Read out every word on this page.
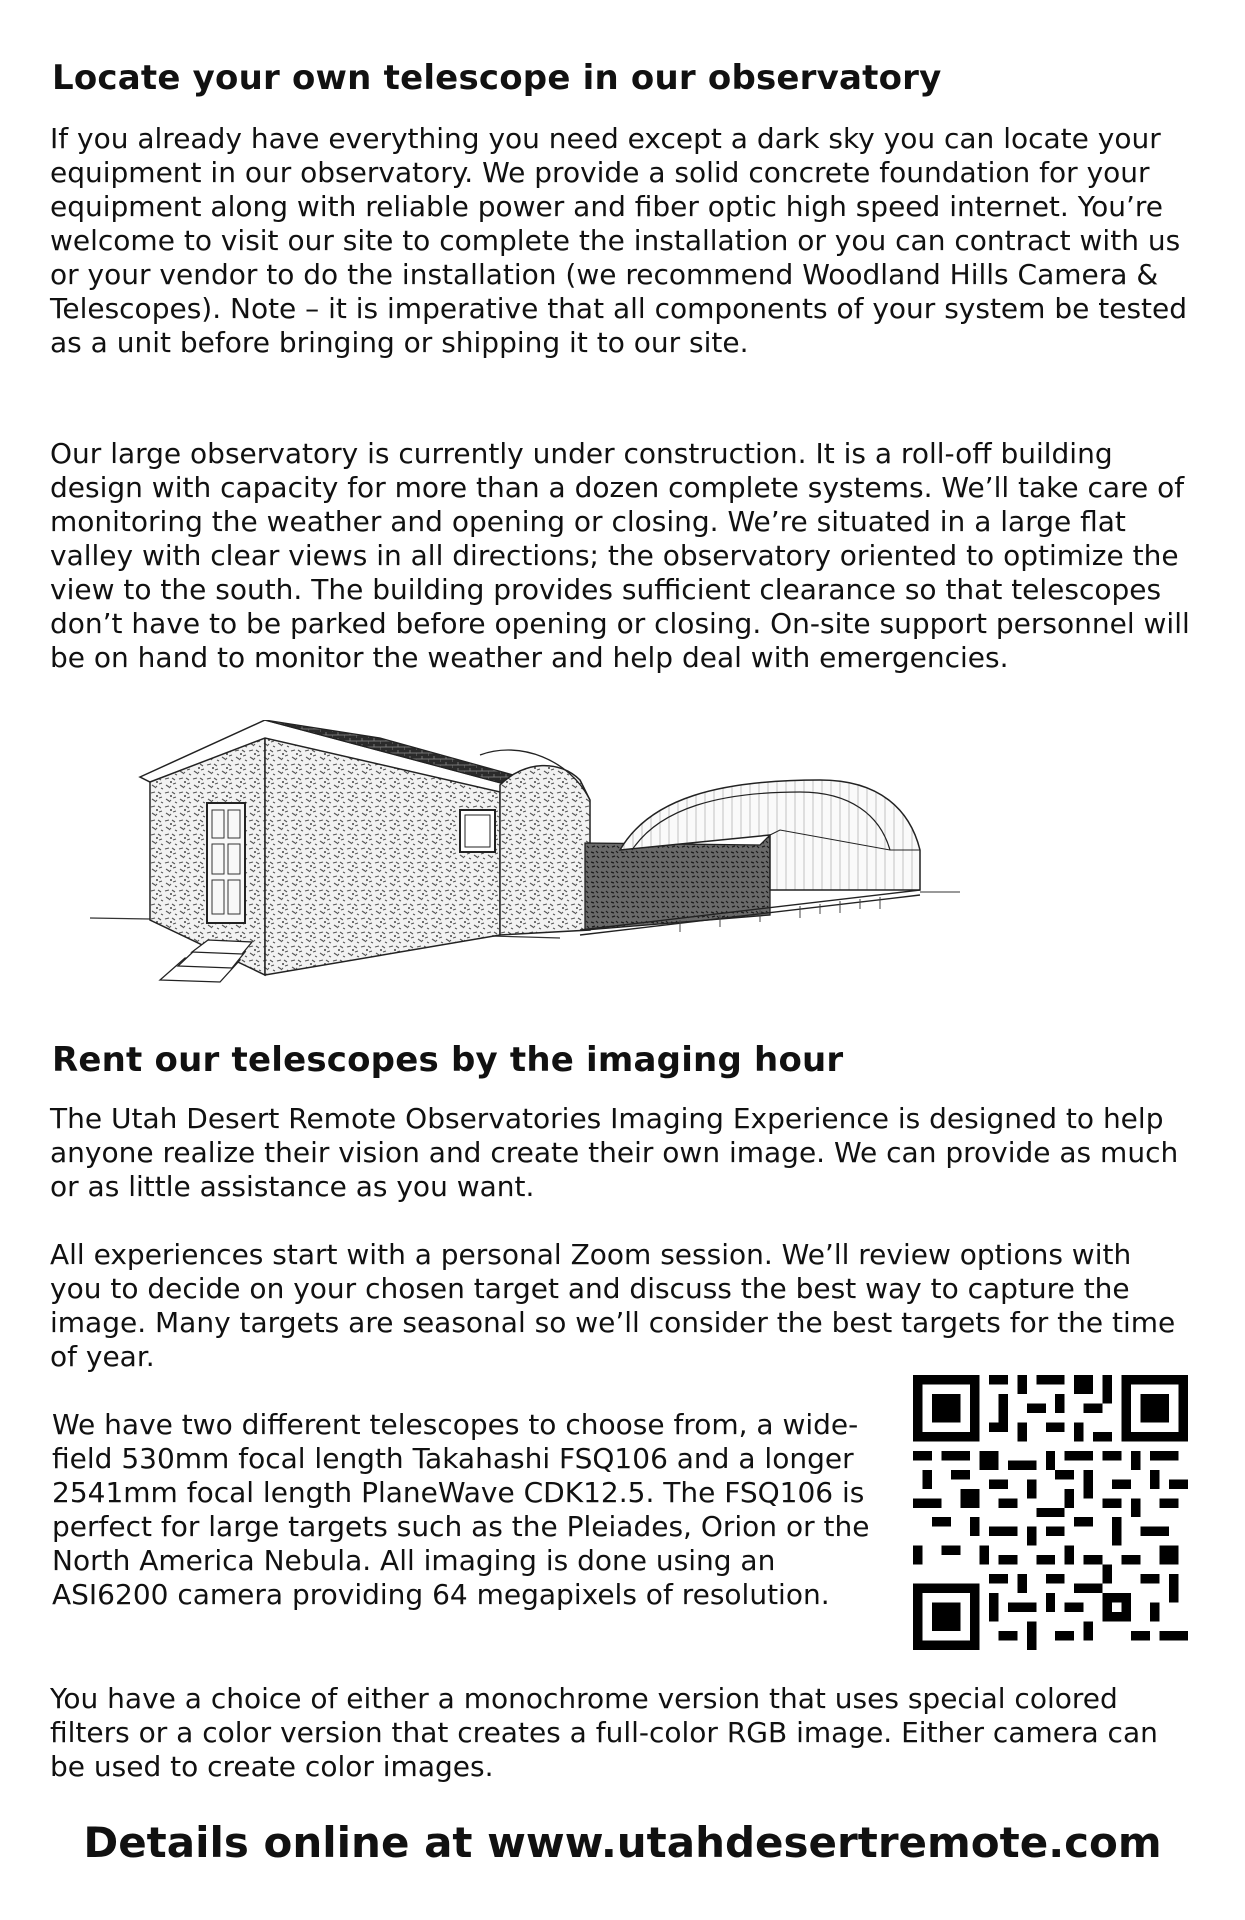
Locate your own telescope in our observatory

If you already have everything you need except a dark sky you can locate your equipment in our observatory. We provide a solid concrete foundation for your equipment along with reliable power and fiber optic high speed internet. You’re welcome to visit our site to complete the installation or you can contract with us or your vendor to do the installation (we recommend Woodland Hills Camera & Telescopes). Note – it is imperative that all components of your system be tested as a unit before bringing or shipping it to our site.

Our large observatory is currently under construction. It is a roll-off building design with capacity for more than a dozen complete systems. We’ll take care of monitoring the weather and opening or closing. We’re situated in a large flat valley with clear views in all directions; the observatory oriented to optimize the view to the south. The building provides sufficient clearance so that telescopes don’t have to be parked before opening or closing. On-site support personnel will be on hand to monitor the weather and help deal with emergencies.

Rent our telescopes by the imaging hour

The Utah Desert Remote Observatories Imaging Experience is designed to help anyone realize their vision and create their own image. We can provide as much or as little assistance as you want.

All experiences start with a personal Zoom session. We’ll review options with you to decide on your chosen target and discuss the best way to capture the image. Many targets are seasonal so we’ll consider the best targets for the time of year.

We have two different telescopes to choose from, a wide-field 530mm focal length Takahashi FSQ106 and a longer 2541mm focal length PlaneWave CDK12.5. The FSQ106 is perfect for large targets such as the Pleiades, Orion or the North America Nebula. All imaging is done using an ASI6200 camera providing 64 megapixels of resolution.

You have a choice of either a monochrome version that uses special colored filters or a color version that creates a full-color RGB image. Either camera can be used to create color images.

Details online at www.utahdesertremote.com
